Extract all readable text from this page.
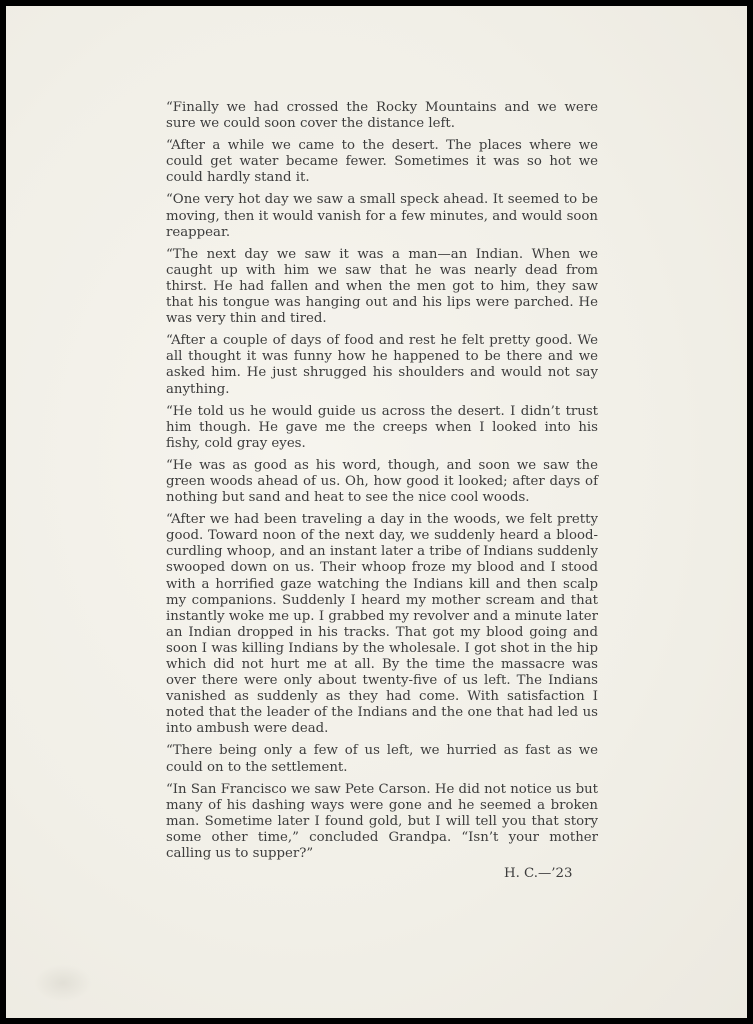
“Finally we had crossed the Rocky Mountains and we were sure we could soon cover the distance left.

“After a while we came to the desert. The places where we could get water became fewer. Sometimes it was so hot we could hardly stand it.

“One very hot day we saw a small speck ahead. It seemed to be moving, then it would vanish for a few minutes, and would soon reappear.

“The next day we saw it was a man—an Indian. When we caught up with him we saw that he was nearly dead from thirst. He had fallen and when the men got to him, they saw that his tongue was hanging out and his lips were parched. He was very thin and tired.

“After a couple of days of food and rest he felt pretty good. We all thought it was funny how he happened to be there and we asked him. He just shrugged his shoulders and would not say anything.

“He told us he would guide us across the desert. I didn’t trust him though. He gave me the creeps when I looked into his fishy, cold gray eyes.

“He was as good as his word, though, and soon we saw the green woods ahead of us. Oh, how good it looked; after days of nothing but sand and heat to see the nice cool woods.

“After we had been traveling a day in the woods, we felt pretty good. Toward noon of the next day, we suddenly heard a blood-curdling whoop, and an instant later a tribe of Indians suddenly swooped down on us. Their whoop froze my blood and I stood with a horrified gaze watching the Indians kill and then scalp my companions. Suddenly I heard my mother scream and that instantly woke me up. I grabbed my revolver and a minute later an Indian dropped in his tracks. That got my blood going and soon I was killing Indians by the wholesale. I got shot in the hip which did not hurt me at all. By the time the massacre was over there were only about twenty-five of us left. The Indians vanished as suddenly as they had come. With satisfaction I noted that the leader of the Indians and the one that had led us into ambush were dead.

“There being only a few of us left, we hurried as fast as we could on to the settlement.

“In San Francisco we saw Pete Carson. He did not notice us but many of his dashing ways were gone and he seemed a broken man. Sometime later I found gold, but I will tell you that story some other time,” concluded Grandpa. “Isn’t your mother calling us to supper?”

H. C.—’23
